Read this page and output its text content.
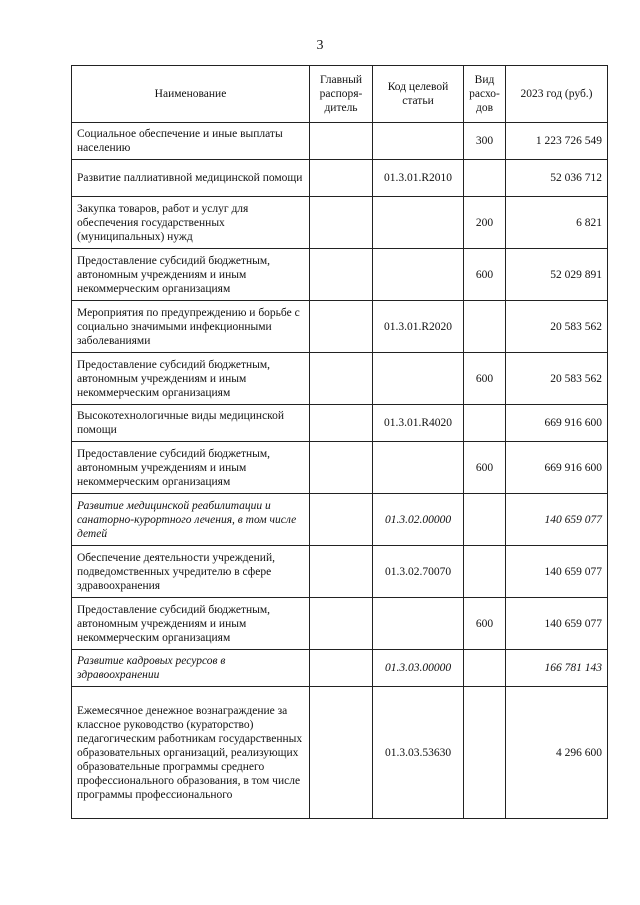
3
Наименование	Главный распоря-дитель	Код целевой статьи	Вид расхо-дов	2023 год (руб.)
Социальное обеспечение и иные выплаты населению			300	1 223 726 549
Развитие паллиативной медицинской помощи		01.3.01.R2010		52 036 712
Закупка товаров, работ и услуг для обеспечения государственных (муниципальных) нужд			200	6 821
Предоставление субсидий бюджетным, автономным учреждениям и иным некоммерческим организациям			600	52 029 891
Мероприятия по предупреждению и борьбе с социально значимыми инфекционными заболеваниями		01.3.01.R2020		20 583 562
Предоставление субсидий бюджетным, автономным учреждениям и иным некоммерческим организациям			600	20 583 562
Высокотехнологичные виды медицинской помощи		01.3.01.R4020		669 916 600
Предоставление субсидий бюджетным, автономным учреждениям и иным некоммерческим организациям			600	669 916 600
Развитие медицинской реабилитации и санаторно-курортного лечения, в том числе детей		01.3.02.00000		140 659 077
Обеспечение деятельности учреждений, подведомственных учредителю в сфере здравоохранения		01.3.02.70070		140 659 077
Предоставление субсидий бюджетным, автономным учреждениям и иным некоммерческим организациям			600	140 659 077
Развитие кадровых ресурсов в здравоохранении		01.3.03.00000		166 781 143
Ежемесячное денежное вознаграждение за классное руководство (кураторство) педагогическим работникам государственных образовательных организаций, реализующих образовательные программы среднего профессионального образования, в том числе программы профессионального		01.3.03.53630		4 296 600
